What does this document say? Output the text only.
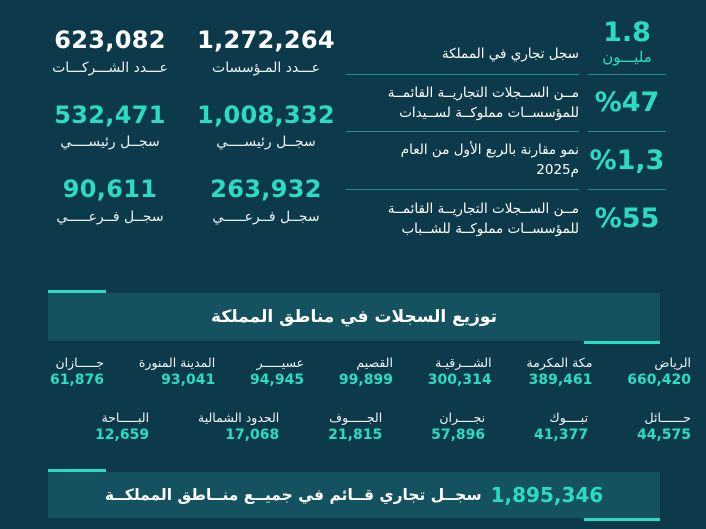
623,082
عـــدد الشـــركـــات
532,471
سجــل رئيســــي
90,611
سجــل فــرعـــــي
1,272,264
عـــدد المـؤسسات
1,008,332
سجــل رئيســــي
263,932
سجــل فــرعـــــي
1.8
مليـــون
سجل تجاري في المملكة
%47
مــن الســجلات التجاريــة القائمــة
للمؤسســات مملوكــة لســيدات
%1,3
نمو مقارنة بالربع الأول من العام
2025م
%55
مــن الســجلات التجاريــة القائمــة
للمؤسســات مملوكــة للشــباب
توزيع السجلات في مناطق المملكة
الرياض
660,420
مكة المكرمة
389,461
الشـــرقيـة
300,314
القصيم
99,899
عسيـــــر
94,945
المدينة المنورة
93,041
جـــــازان
61,876
حــــــائل
44,575
تبــــوك
41,377
نجــــران
57,896
الجـــــوف
21,815
الحدود الشمالية
17,068
البـــــاحة
12,659
1,895,346
سجــل تجاري قــائم في جميــع منــاطق المملكــة
